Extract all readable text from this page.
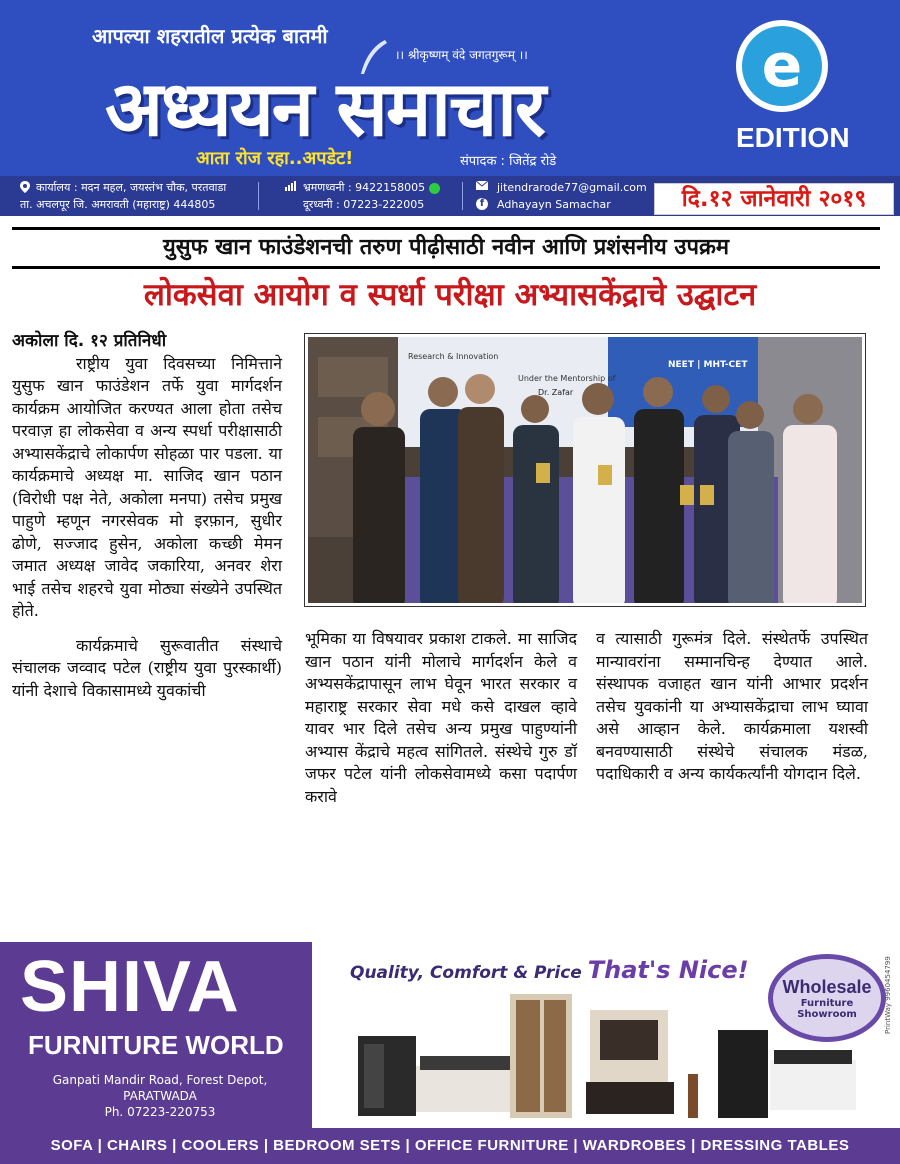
आपल्या शहरातील प्रत्येक बातमी
।। श्रीकृष्णम् वंदे जगतगुरूम् ।।
अध्ययन समाचार
आता रोज रहा..अपडेट!	संपादक : जितेंद्र रोडे
e
EDITION
कार्यालय : मदन महल, जयस्तंभ चौक, परतवाडा
ता. अचलपूर जि. अमरावती (महाराष्ट्र) 444805
भ्रमणध्वनी : 9422158005
दूरध्वनी : 07223-222005	f
jitendrarode77@gmail.com
Adhayayn Samachar	दि.१२ जानेवारी २०१९
युसुफ खान फाउंडेशनची तरुण पीढ़ीसाठी नवीन आणि प्रशंसनीय उपक्रम
लोकसेवा आयोग व स्पर्धा परीक्षा अभ्यासकेंद्राचे उद्घाटन

अकोला दि. १२ प्रतिनिधी

राष्ट्रीय युवा दिवसच्या निमित्ताने युसुफ खान फाउंडेशन तर्फे युवा मार्गदर्शन कार्यक्रम आयोजित करण्यत आला होता तसेच परवाज़ हा लोकसेवा व अन्य स्पर्धा परीक्षासाठी अभ्यासकेंद्राचे लोकार्पण सोहळा पार पडला. या कार्यक्रमाचे अध्यक्ष मा. साजिद खान पठान (विरोधी पक्ष नेते, अकोला मनपा) तसेच प्रमुख पाहुणे म्हणून नगरसेवक मो इरफ़ान, सुधीर ढोणे, सज्जाद हुसेन, अकोला कच्छी मेमन जमात अध्यक्ष जावेद जकारिया, अनवर शेरा भाई तसेच शहरचे युवा मोठ्या संख्येने उपस्थित होते.

कार्यक्रमाचे सुरूवातीत संस्थाचे संचालक जव्वाद पटेल (राष्ट्रीय युवा पुरस्कार्थी) यांनी देशाचे विकासामध्ये युवकांची

Research & Innovation
Under the Mentorship of
Dr. Zafar
NEET | MHT-CET

भूमिका या विषयावर प्रकाश टाकले. मा साजिद खान पठान यांनी मोलाचे मार्गदर्शन केले व अभ्यसकेंद्रापासून लाभ घेवून भारत सरकार व महाराष्ट्र सरकार सेवा मधे कसे दाखल व्हावे यावर भार दिले तसेच अन्य प्रमुख पाहुण्यांनी अभ्यास केंद्राचे महत्व सांगितले. संस्थेचे गुरु डॉ जफर पटेल यांनी लोकसेवामध्ये कसा पदार्पण करावे

व त्यासाठी गुरूमंत्र दिले. संस्थेतर्फे उपस्थित मान्यावरांना सम्मानचिन्ह देण्यात आले. संस्थापक वजाहत खान यांनी आभार प्रदर्शन तसेच युवकांनी या अभ्यासकेंद्राचा लाभ घ्यावा असे आव्हान केले. कार्यक्रमाला यशस्वी बनवण्यासाठी संस्थेचे संचालक मंडळ, पदाधिकारी व अन्य कार्यकर्त्यांनी योगदान दिले.

SHIVA
FURNITURE WORLD
Ganpati Mandir Road, Forest Depot, PARATWADA
Ph. 07223-220753
Quality, Comfort & Price That's Nice!
Wholesale
Furniture Showroom	PrintWay 9960454799
SOFA | CHAIRS | COOLERS | BEDROOM SETS | OFFICE FURNITURE | WARDROBES | DRESSING TABLES
